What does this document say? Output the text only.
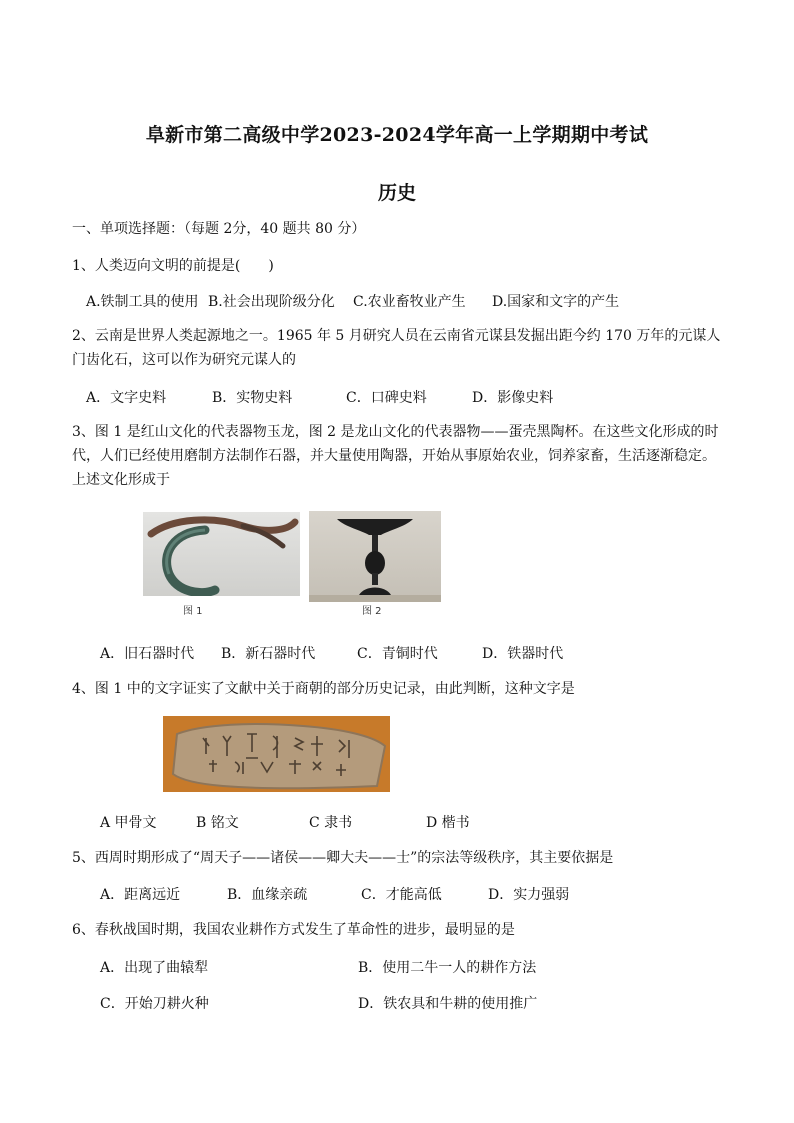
阜新市第二高级中学2023-2024学年高一上学期期中考试
历史
一、单项选择题：（每题 2分，40 题共 80 分）
1、人类迈向文明的前提是(　　)
A.铁制工具的使用 B.社会出现阶级分化 C.农业畜牧业产生 D.国家和文字的产生
2、云南是世界人类起源地之一。1965 年 5 月研究人员在云南省元谋县发掘出距今约 170 万年的元谋人门齿化石，这可以作为研究元谋人的
A．文字史料	B．实物史料	C．口碑史料	D．影像史料
3、图 1 是红山文化的代表器物玉龙，图 2 是龙山文化的代表器物——蛋壳黑陶杯。在这些文化形成的时代，人们已经使用磨制方法制作石器，并大量使用陶器，开始从事原始农业，饲养家畜，生活逐渐稳定。上述文化形成于
图 1	图 2
A．旧石器时代 B．新石器时代	C．青铜时代	D．铁器时代
4、图 1 中的文字证实了文献中关于商朝的部分历史记录，由此判断，这种文字是
A 甲骨文	B 铭文	C 隶书	D 楷书
5、西周时期形成了“周天子——诸侯——卿大夫——士”的宗法等级秩序，其主要依据是
A．距离远近	B．血缘亲疏	C．才能高低	D．实力强弱
6、春秋战国时期，我国农业耕作方式发生了革命性的进步，最明显的是
A．出现了曲辕犁	B．使用二牛一人的耕作方法
C．开始刀耕火种	D．铁农具和牛耕的使用推广
